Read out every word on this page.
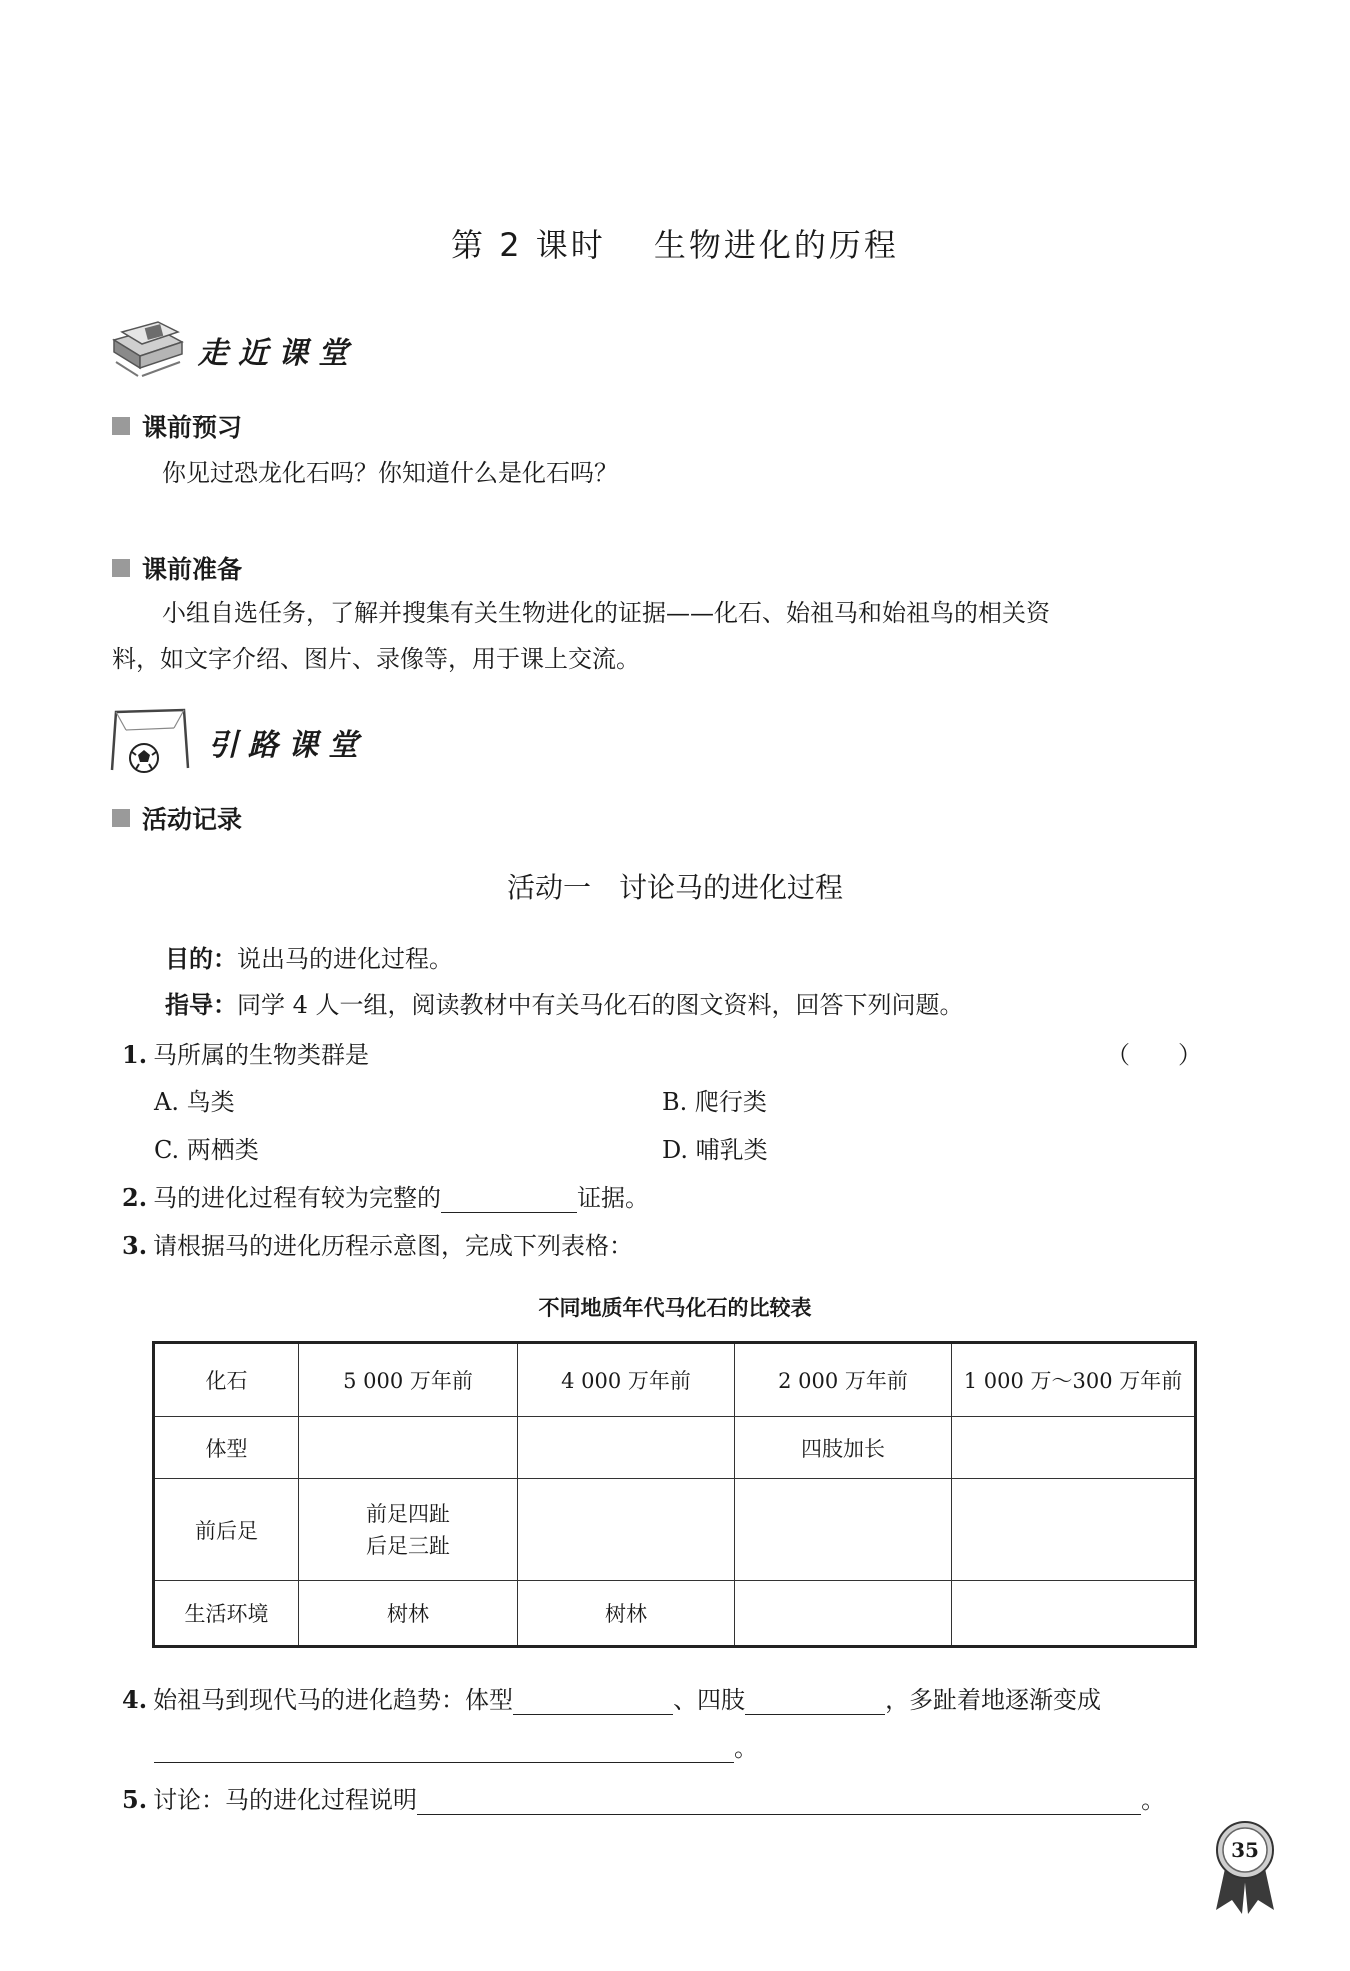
第 2 课时　 生物进化的历程
走近课堂
课前预习
你见过恐龙化石吗？你知道什么是化石吗？
课前准备
小组自选任务，了解并搜集有关生物进化的证据——化石、始祖马和始祖鸟的相关资
料，如文字介绍、图片、录像等，用于课上交流。
引路课堂
活动记录
活动一　讨论马的进化过程
目的：说出马的进化过程。
指导：同学 4 人一组，阅读教材中有关马化石的图文资料，回答下列问题。
1. 马所属的生物类群是	（　　）
A. 鸟类	B. 爬行类
C. 两栖类	D. 哺乳类
2. 马的进化过程有较为完整的	证据。
3. 请根据马的进化历程示意图，完成下列表格：
不同地质年代马化石的比较表
化石	5 000 万年前	4 000 万年前	2 000 万年前	1 000 万～300 万年前
体型			四肢加长	
前后足	前足四趾
后足三趾			
生活环境	树林	树林		
4. 始祖马到现代马的进化趋势：体型	、四肢	，多趾着地逐渐变成
。
5. 讨论：马的进化过程说明	。
35
